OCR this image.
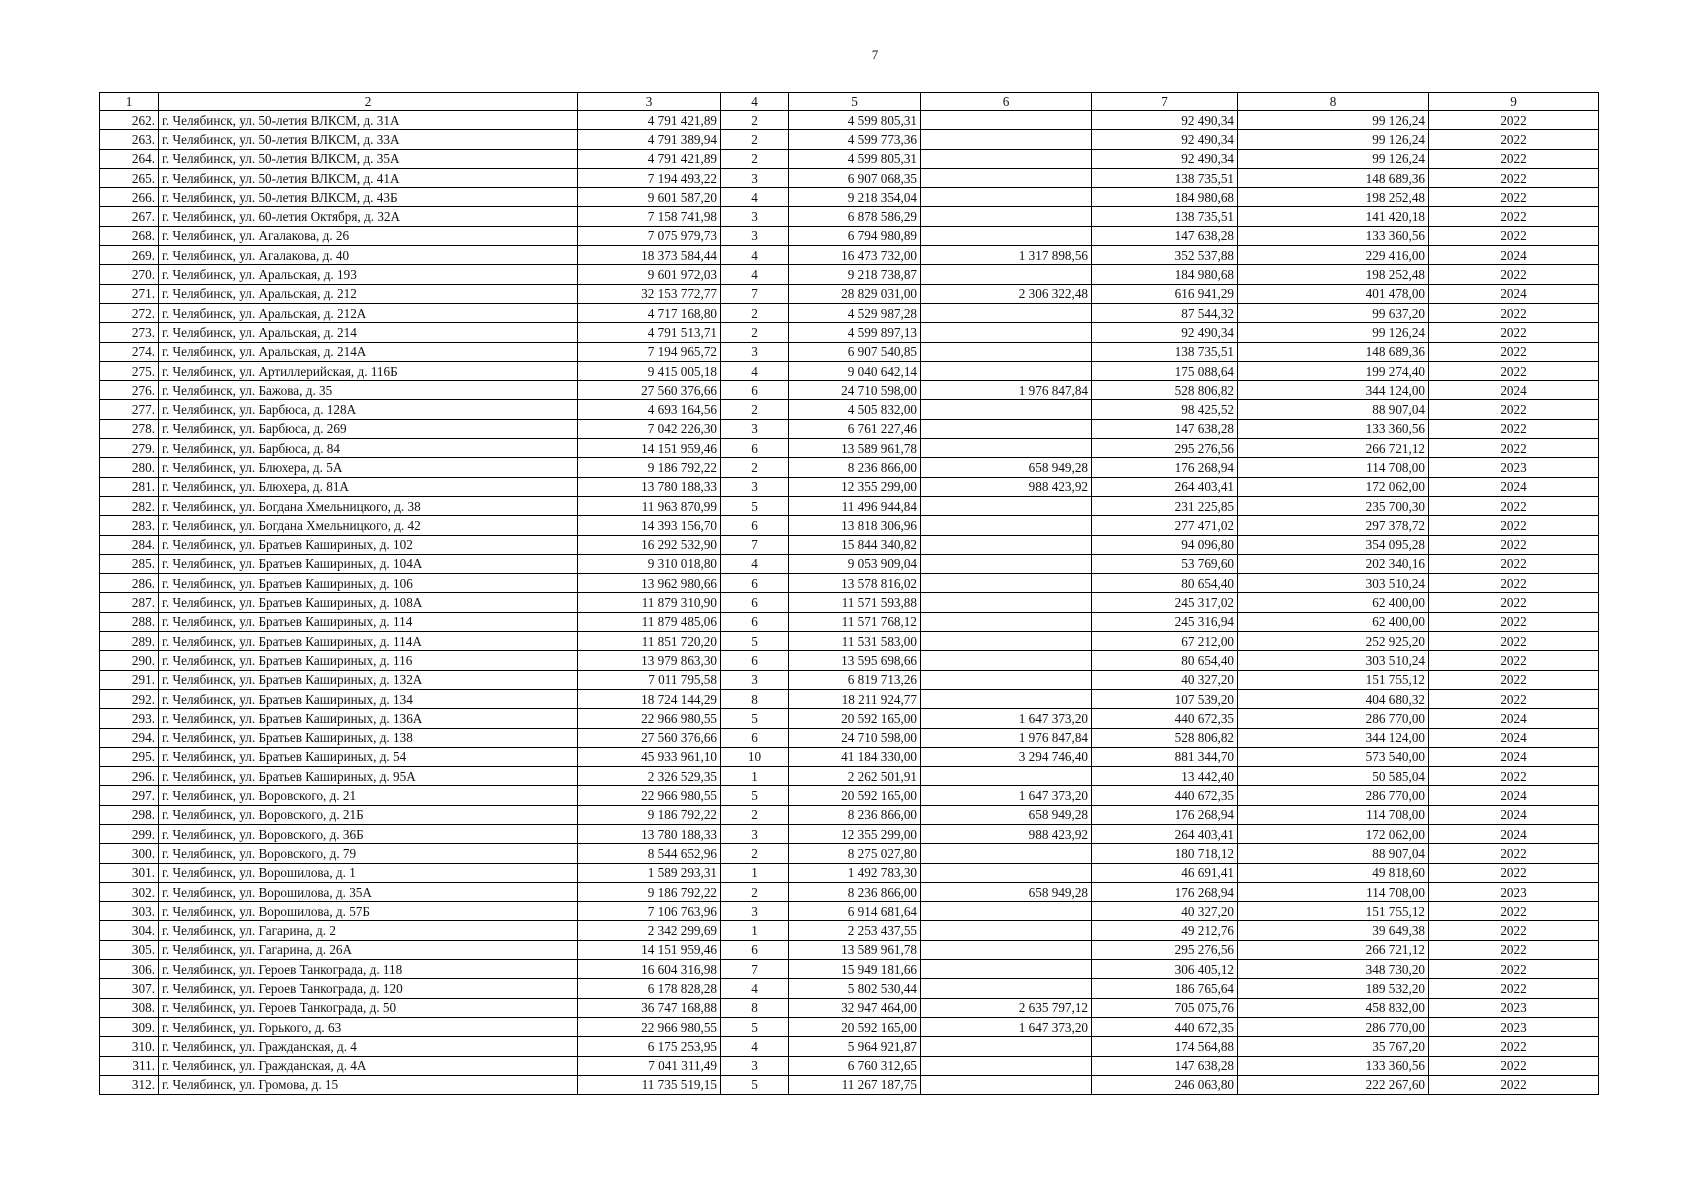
7
1	2	3	4	5	6	7	8	9
262.	г. Челябинск, ул. 50-летия ВЛКСМ, д. 31А	4 791 421,89	2	4 599 805,31		92 490,34	99 126,24	2022
263.	г. Челябинск, ул. 50-летия ВЛКСМ, д. 33А	4 791 389,94	2	4 599 773,36		92 490,34	99 126,24	2022
264.	г. Челябинск, ул. 50-летия ВЛКСМ, д. 35А	4 791 421,89	2	4 599 805,31		92 490,34	99 126,24	2022
265.	г. Челябинск, ул. 50-летия ВЛКСМ, д. 41А	7 194 493,22	3	6 907 068,35		138 735,51	148 689,36	2022
266.	г. Челябинск, ул. 50-летия ВЛКСМ, д. 43Б	9 601 587,20	4	9 218 354,04		184 980,68	198 252,48	2022
267.	г. Челябинск, ул. 60-летия Октября, д. 32А	7 158 741,98	3	6 878 586,29		138 735,51	141 420,18	2022
268.	г. Челябинск, ул. Агалакова, д. 26	7 075 979,73	3	6 794 980,89		147 638,28	133 360,56	2022
269.	г. Челябинск, ул. Агалакова, д. 40	18 373 584,44	4	16 473 732,00	1 317 898,56	352 537,88	229 416,00	2024
270.	г. Челябинск, ул. Аральская, д. 193	9 601 972,03	4	9 218 738,87		184 980,68	198 252,48	2022
271.	г. Челябинск, ул. Аральская, д. 212	32 153 772,77	7	28 829 031,00	2 306 322,48	616 941,29	401 478,00	2024
272.	г. Челябинск, ул. Аральская, д. 212А	4 717 168,80	2	4 529 987,28		87 544,32	99 637,20	2022
273.	г. Челябинск, ул. Аральская, д. 214	4 791 513,71	2	4 599 897,13		92 490,34	99 126,24	2022
274.	г. Челябинск, ул. Аральская, д. 214А	7 194 965,72	3	6 907 540,85		138 735,51	148 689,36	2022
275.	г. Челябинск, ул. Артиллерийская, д. 116Б	9 415 005,18	4	9 040 642,14		175 088,64	199 274,40	2022
276.	г. Челябинск, ул. Бажова, д. 35	27 560 376,66	6	24 710 598,00	1 976 847,84	528 806,82	344 124,00	2024
277.	г. Челябинск, ул. Барбюса, д. 128А	4 693 164,56	2	4 505 832,00		98 425,52	88 907,04	2022
278.	г. Челябинск, ул. Барбюса, д. 269	7 042 226,30	3	6 761 227,46		147 638,28	133 360,56	2022
279.	г. Челябинск, ул. Барбюса, д. 84	14 151 959,46	6	13 589 961,78		295 276,56	266 721,12	2022
280.	г. Челябинск, ул. Блюхера, д. 5А	9 186 792,22	2	8 236 866,00	658 949,28	176 268,94	114 708,00	2023
281.	г. Челябинск, ул. Блюхера, д. 81А	13 780 188,33	3	12 355 299,00	988 423,92	264 403,41	172 062,00	2024
282.	г. Челябинск, ул. Богдана Хмельницкого, д. 38	11 963 870,99	5	11 496 944,84		231 225,85	235 700,30	2022
283.	г. Челябинск, ул. Богдана Хмельницкого, д. 42	14 393 156,70	6	13 818 306,96		277 471,02	297 378,72	2022
284.	г. Челябинск, ул. Братьев Кашириных, д. 102	16 292 532,90	7	15 844 340,82		94 096,80	354 095,28	2022
285.	г. Челябинск, ул. Братьев Кашириных, д. 104А	9 310 018,80	4	9 053 909,04		53 769,60	202 340,16	2022
286.	г. Челябинск, ул. Братьев Кашириных, д. 106	13 962 980,66	6	13 578 816,02		80 654,40	303 510,24	2022
287.	г. Челябинск, ул. Братьев Кашириных, д. 108А	11 879 310,90	6	11 571 593,88		245 317,02	62 400,00	2022
288.	г. Челябинск, ул. Братьев Кашириных, д. 114	11 879 485,06	6	11 571 768,12		245 316,94	62 400,00	2022
289.	г. Челябинск, ул. Братьев Кашириных, д. 114А	11 851 720,20	5	11 531 583,00		67 212,00	252 925,20	2022
290.	г. Челябинск, ул. Братьев Кашириных, д. 116	13 979 863,30	6	13 595 698,66		80 654,40	303 510,24	2022
291.	г. Челябинск, ул. Братьев Кашириных, д. 132А	7 011 795,58	3	6 819 713,26		40 327,20	151 755,12	2022
292.	г. Челябинск, ул. Братьев Кашириных, д. 134	18 724 144,29	8	18 211 924,77		107 539,20	404 680,32	2022
293.	г. Челябинск, ул. Братьев Кашириных, д. 136А	22 966 980,55	5	20 592 165,00	1 647 373,20	440 672,35	286 770,00	2024
294.	г. Челябинск, ул. Братьев Кашириных, д. 138	27 560 376,66	6	24 710 598,00	1 976 847,84	528 806,82	344 124,00	2024
295.	г. Челябинск, ул. Братьев Кашириных, д. 54	45 933 961,10	10	41 184 330,00	3 294 746,40	881 344,70	573 540,00	2024
296.	г. Челябинск, ул. Братьев Кашириных, д. 95А	2 326 529,35	1	2 262 501,91		13 442,40	50 585,04	2022
297.	г. Челябинск, ул. Воровского, д. 21	22 966 980,55	5	20 592 165,00	1 647 373,20	440 672,35	286 770,00	2024
298.	г. Челябинск, ул. Воровского, д. 21Б	9 186 792,22	2	8 236 866,00	658 949,28	176 268,94	114 708,00	2024
299.	г. Челябинск, ул. Воровского, д. 36Б	13 780 188,33	3	12 355 299,00	988 423,92	264 403,41	172 062,00	2024
300.	г. Челябинск, ул. Воровского, д. 79	8 544 652,96	2	8 275 027,80		180 718,12	88 907,04	2022
301.	г. Челябинск, ул. Ворошилова, д. 1	1 589 293,31	1	1 492 783,30		46 691,41	49 818,60	2022
302.	г. Челябинск, ул. Ворошилова, д. 35А	9 186 792,22	2	8 236 866,00	658 949,28	176 268,94	114 708,00	2023
303.	г. Челябинск, ул. Ворошилова, д. 57Б	7 106 763,96	3	6 914 681,64		40 327,20	151 755,12	2022
304.	г. Челябинск, ул. Гагарина, д. 2	2 342 299,69	1	2 253 437,55		49 212,76	39 649,38	2022
305.	г. Челябинск, ул. Гагарина, д. 26А	14 151 959,46	6	13 589 961,78		295 276,56	266 721,12	2022
306.	г. Челябинск, ул. Героев Танкограда, д. 118	16 604 316,98	7	15 949 181,66		306 405,12	348 730,20	2022
307.	г. Челябинск, ул. Героев Танкограда, д. 120	6 178 828,28	4	5 802 530,44		186 765,64	189 532,20	2022
308.	г. Челябинск, ул. Героев Танкограда, д. 50	36 747 168,88	8	32 947 464,00	2 635 797,12	705 075,76	458 832,00	2023
309.	г. Челябинск, ул. Горького, д. 63	22 966 980,55	5	20 592 165,00	1 647 373,20	440 672,35	286 770,00	2023
310.	г. Челябинск, ул. Гражданская, д. 4	6 175 253,95	4	5 964 921,87		174 564,88	35 767,20	2022
311.	г. Челябинск, ул. Гражданская, д. 4А	7 041 311,49	3	6 760 312,65		147 638,28	133 360,56	2022
312.	г. Челябинск, ул. Громова, д. 15	11 735 519,15	5	11 267 187,75		246 063,80	222 267,60	2022
